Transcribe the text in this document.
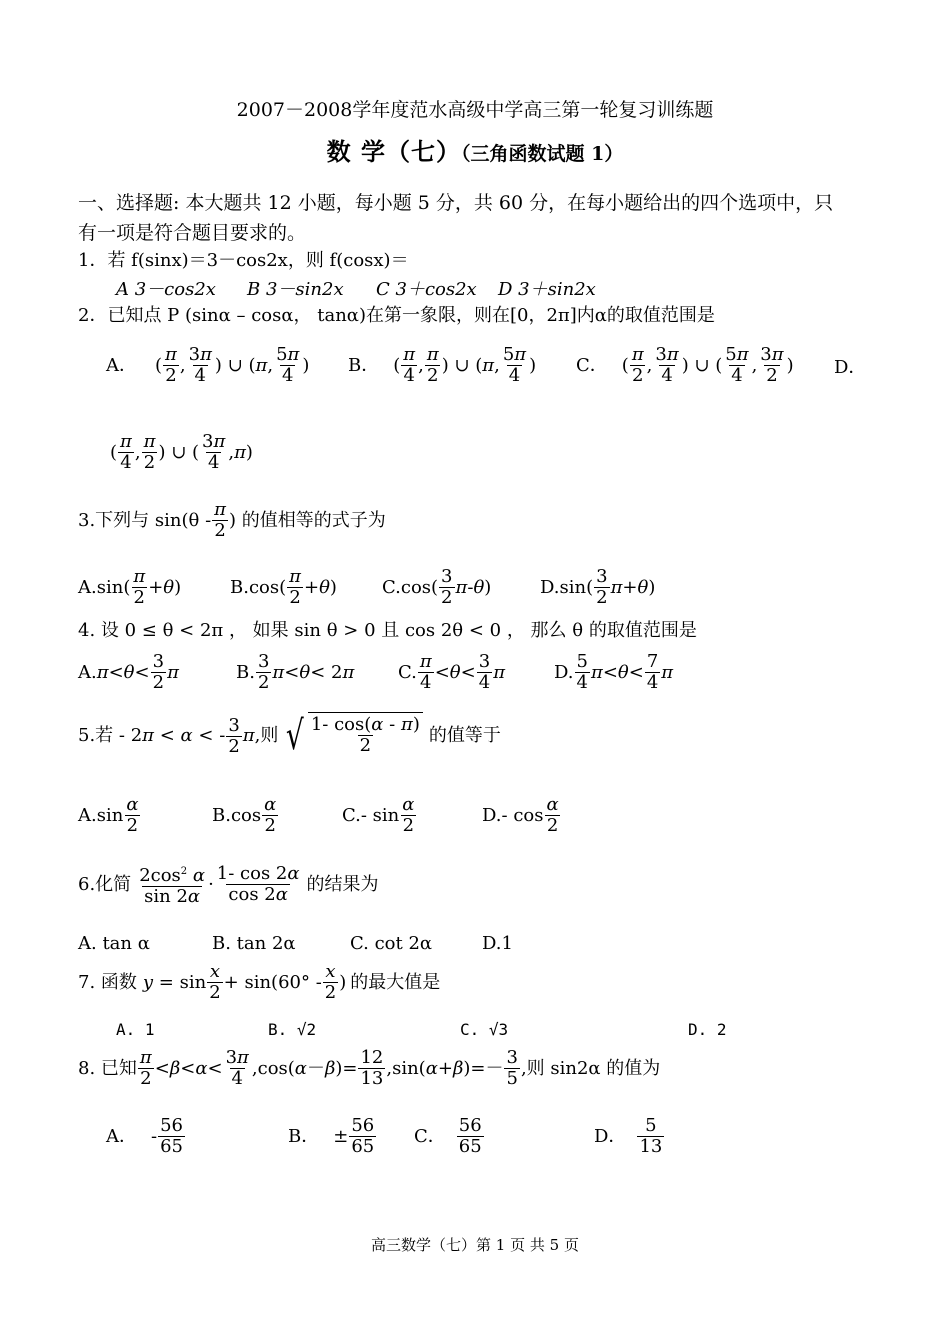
2007－2008学年度范水高级中学高三第一轮复习训练题
数 学（七）（三角函数试题 1）
一、选择题: 本大题共 12 小题，每小题 5 分，共 60 分，在每小题给出的四个选项中，只
有一项是符合题目要求的。
1．若 f(sinx)＝3－cos2x，则 f(cosx)＝
A 3－cos2x B 3－sin2x C 3＋cos2x D 3＋sin2x
2．已知点 P (sinα – cosα， tanα)在第一象限，则在[0，2π]内α的取值范围是
A． ( $\frac{\pi}{2}$ , $\frac{3\pi}{4}$ ) ∪ ( π , $\frac{5\pi}{4}$ ) B． ( $\frac{\pi}{4}$ , $\frac{\pi}{2}$ ) ∪ ( π , $\frac{5\pi}{4}$ ) C． ( $\frac{\pi}{2}$ , $\frac{3\pi}{4}$ ) ∪ ( $\frac{5\pi}{4}$ , $\frac{3\pi}{2}$ ) D．
( $\frac{\pi}{4}$ , $\frac{\pi}{2}$ ) ∪ ( $\frac{3\pi}{4}$ , π )
3.下列与 $\sin(\theta - \frac{\pi}{2}$ ) 的值相等的式子为
A. $\sin( \frac{\pi}{2} + \theta$ )	B. $\cos( \frac{\pi}{2} + \theta$ )	C. $\cos( \frac{3}{2}$ π - θ )	D. $\sin( \frac{3}{2}$ π + θ )
4. 设 0 ≤ θ < 2π ， 如果 sin θ > 0 且 cos 2θ < 0 ， 那么 θ 的取值范围是
A. $\pi < \theta < \frac{3}{2}$ π	B. $\frac{3}{2}$ π < θ < 2 π C. $\frac{\pi}{4} < \theta < \frac{3}{4}$ π	D. $\frac{5}{4}$ $\pi < \theta < \frac{7}{4}$ π
5.若 - 2π < α < - $\frac{3}{2}$ π ,则 √ $\frac{1- \cos(\alpha - \pi)}{2}$ 的值等于
A. $\sin \frac{\alpha}{2}$	B. $\cos \frac{\alpha}{2}$	C. - $\sin \frac{\alpha}{2}$	D. - $\cos \frac{\alpha}{2}$
6.化简 $\frac{2\cos^2 \alpha}{\sin 2\alpha} \cdot \frac{1- \cos 2\alpha}{\cos 2\alpha}$ 的结果为
A. tan α	B. tan 2α	C. cot 2α	D.1
7. 函数 $y = \sin \frac{x}{2} + \sin(60^\circ - \frac{x}{2}$ ) 的最大值是
A. 1	B. √2	C. √3	D. 2
8. 已知 $\frac{\pi}{2} <\beta<\alpha< \frac{3\pi}{4} ,\cos(\alpha-\beta)= \frac{12}{13} ,\sin(\alpha+\beta)=- \frac{3}{5}$ ,则 sin2α 的值为
A． - $\frac{56}{65}$	B． ± $\frac{56}{65}$ C． $\frac{56}{65}$	D． $\frac{5}{13}$
高三数学（七）第 1 页 共 5 页
